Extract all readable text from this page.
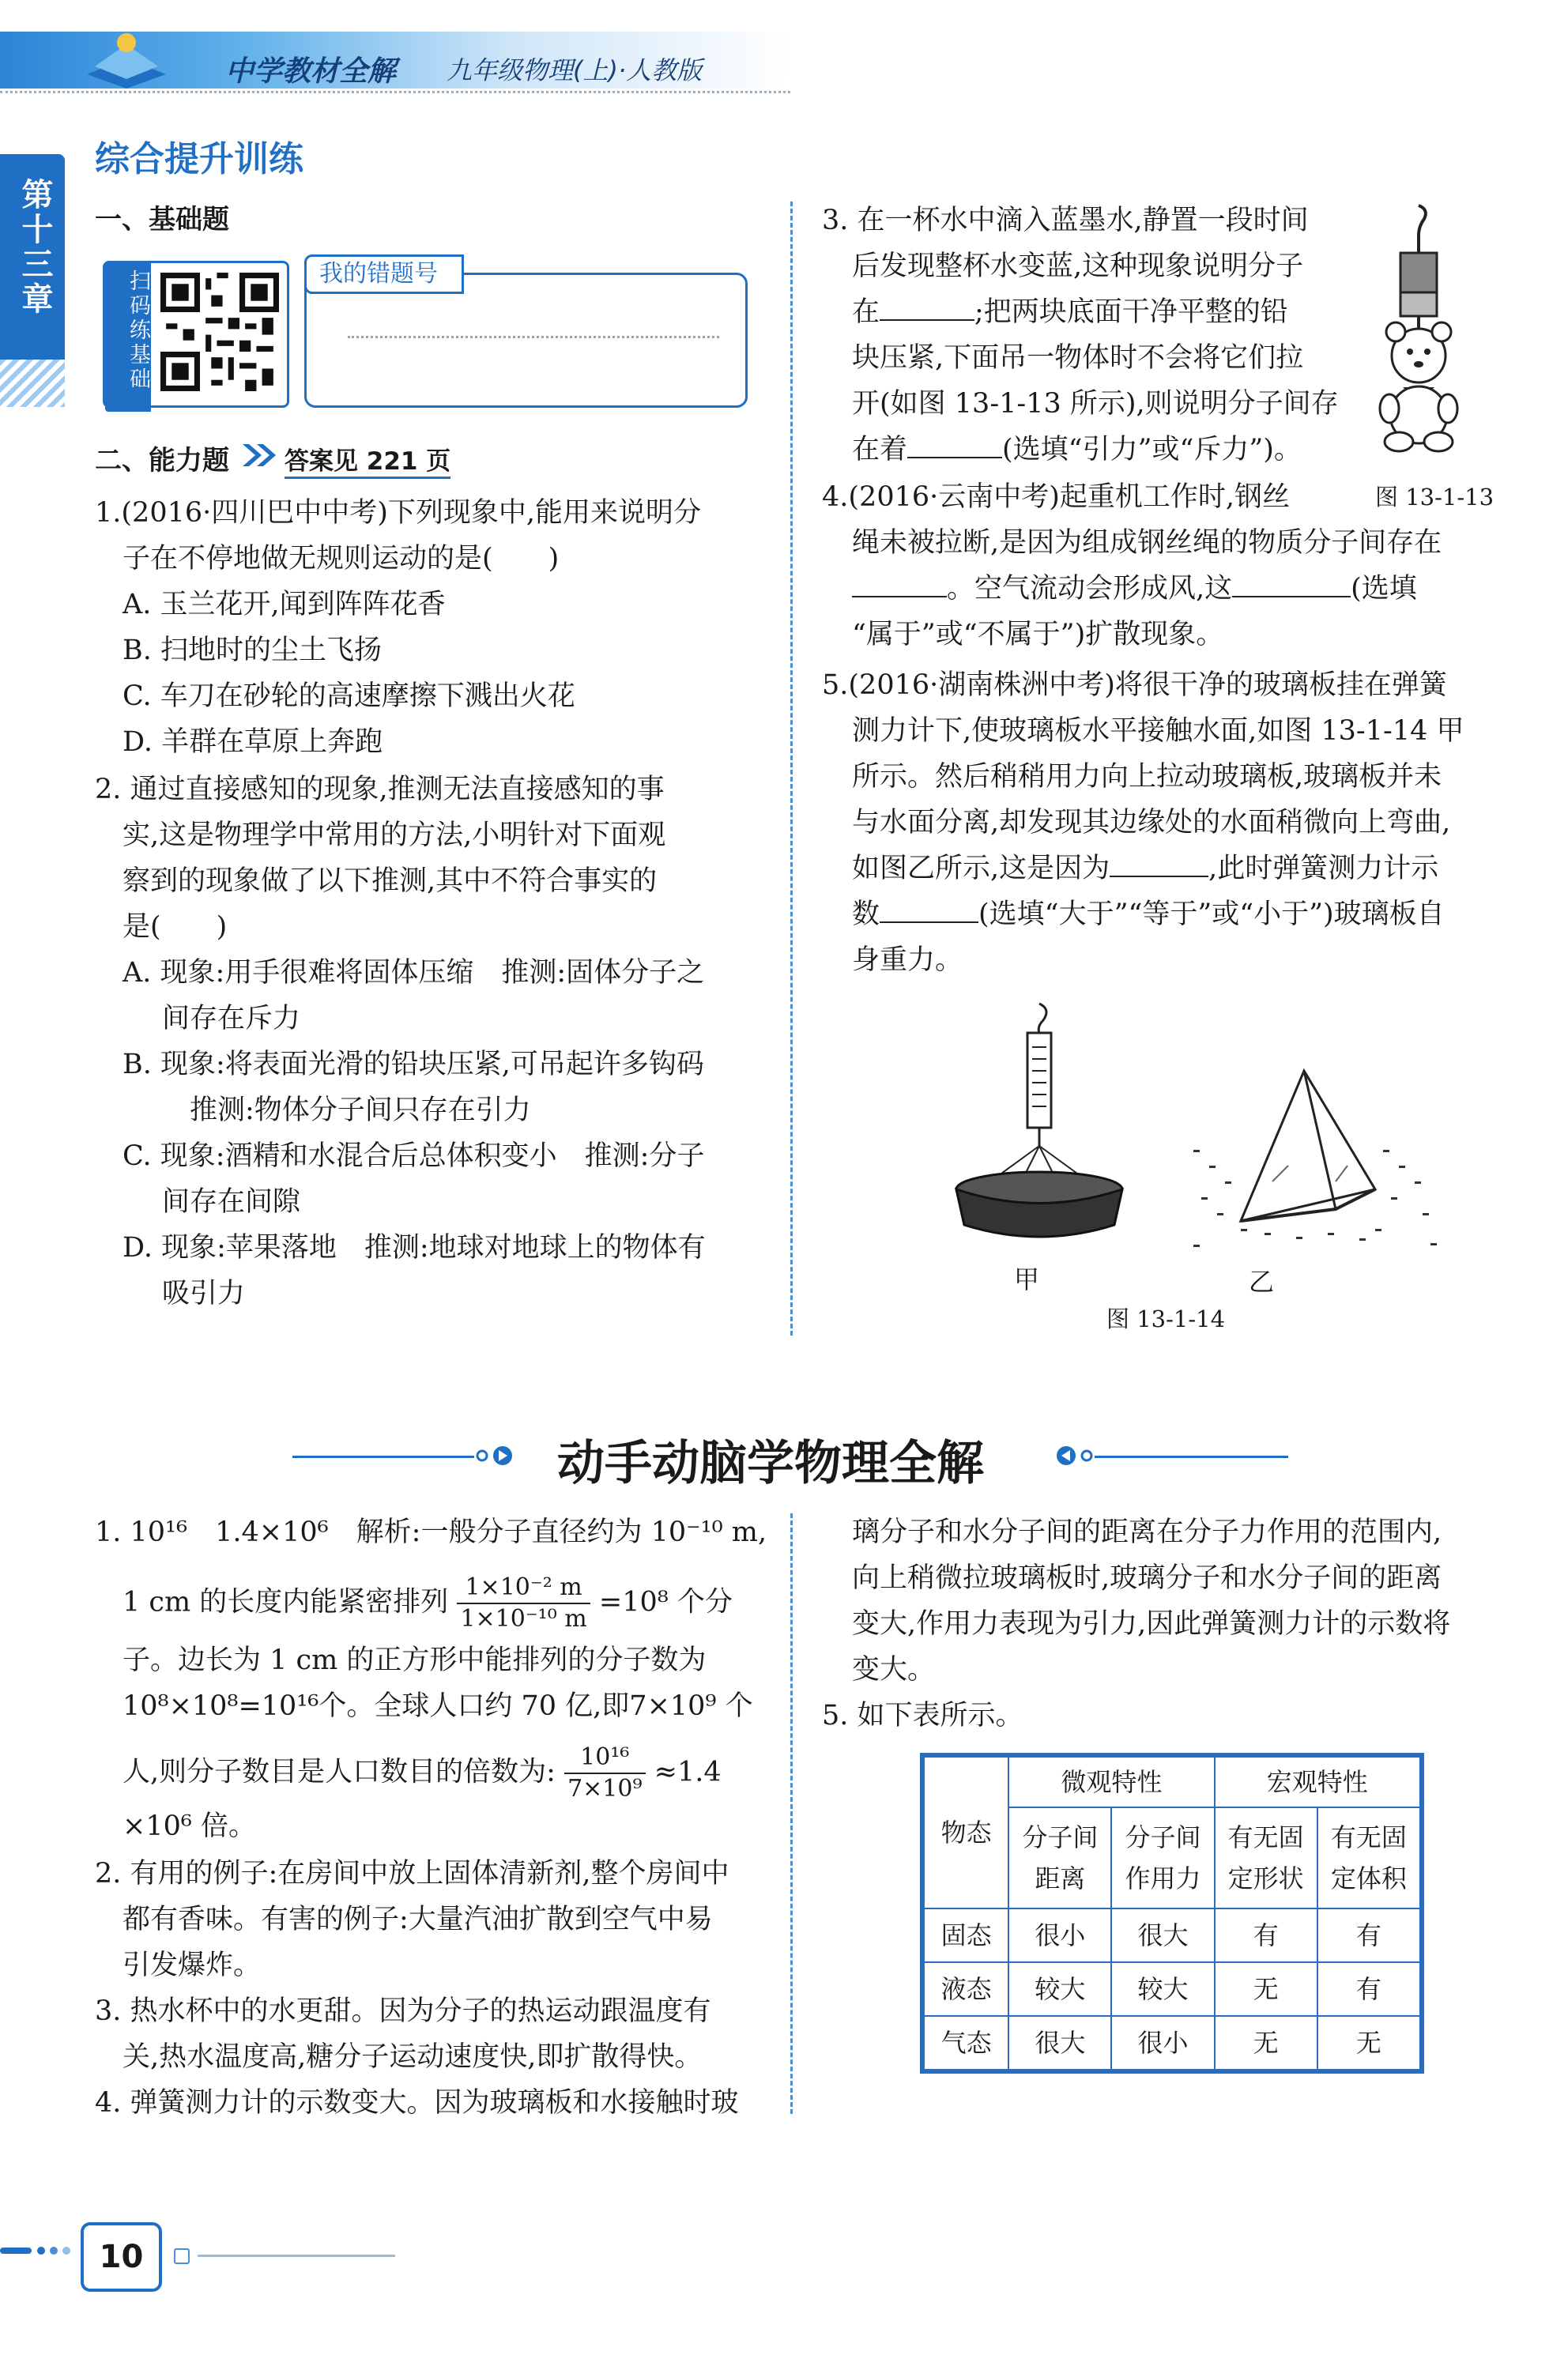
中学教材全解 九年级物理(上)·人教版
第十三章
综合提升训练
一、基础题
扫码练基础	我的错题号
二、能力题 答案见 221 页
1.(2016·四川巴中中考)下列现象中,能用来说明分
子在不停地做无规则运动的是(　　)
A. 玉兰花开,闻到阵阵花香
B. 扫地时的尘土飞扬
C. 车刀在砂轮的高速摩擦下溅出火花
D. 羊群在草原上奔跑
2. 通过直接感知的现象,推测无法直接感知的事
实,这是物理学中常用的方法,小明针对下面观
察到的现象做了以下推测,其中不符合事实的
是(　　)
A. 现象:用手很难将固体压缩　推测:固体分子之
间存在斥力
B. 现象:将表面光滑的铅块压紧,可吊起许多钩码
推测:物体分子间只存在引力
C. 现象:酒精和水混合后总体积变小　推测:分子
间存在间隙
D. 现象:苹果落地　推测:地球对地球上的物体有
吸引力
3. 在一杯水中滴入蓝墨水,静置一段时间
后发现整杯水变蓝,这种现象说明分子
在	;把两块底面干净平整的铅
块压紧,下面吊一物体时不会将它们拉
开(如图 13-1-13 所示),则说明分子间存
在着	(选填“引力”或“斥力”)。
图 13-1-13
4.(2016·云南中考)起重机工作时,钢丝
绳未被拉断,是因为组成钢丝绳的物质分子间存在
。空气流动会形成风,这	(选填
“属于”或“不属于”)扩散现象。
5.(2016·湖南株洲中考)将很干净的玻璃板挂在弹簧
测力计下,使玻璃板水平接触水面,如图 13-1-14 甲
所示。然后稍稍用力向上拉动玻璃板,玻璃板并未
与水面分离,却发现其边缘处的水面稍微向上弯曲,
如图乙所示,这是因为	,此时弹簧测力计示
数	(选填“大于”“等于”或“小于”)玻璃板自
身重力。
甲	乙
图 13-1-14
动手动脑学物理全解
1. 10¹⁶　1.4×10⁶　解析:一般分子直径约为 10⁻¹⁰ m,
1 cm 的长度内能紧密排列 $\frac{\text{1×10⁻² m}}{\text{1×10⁻¹⁰ m}} =10^8$ 个分
子。边长为 1 cm 的正方形中能排列的分子数为
10⁸×10⁸=10¹⁶个。全球人口约 70 亿,即7×10⁹ 个
人,则分子数目是人口数目的倍数为: $\frac{\text{10¹⁶}}{\text{7×10⁹}} \approx 1.4$
×10⁶ 倍。
2. 有用的例子:在房间中放上固体清新剂,整个房间中
都有香味。有害的例子:大量汽油扩散到空气中易
引发爆炸。
3. 热水杯中的水更甜。因为分子的热运动跟温度有
关,热水温度高,糖分子运动速度快,即扩散得快。
4. 弹簧测力计的示数变大。因为玻璃板和水接触时玻
璃分子和水分子间的距离在分子力作用的范围内,
向上稍微拉玻璃板时,玻璃分子和水分子间的距离
变大,作用力表现为引力,因此弹簧测力计的示数将
变大。
5. 如下表所示。
物态	微观特性		宏观特性	
	分子间距离	分子间作用力	有无固定形状	有无固定体积
固态	很小	很大	有	有
液态	较大	较大	无	有
气态	很大	很小	无	无
10
